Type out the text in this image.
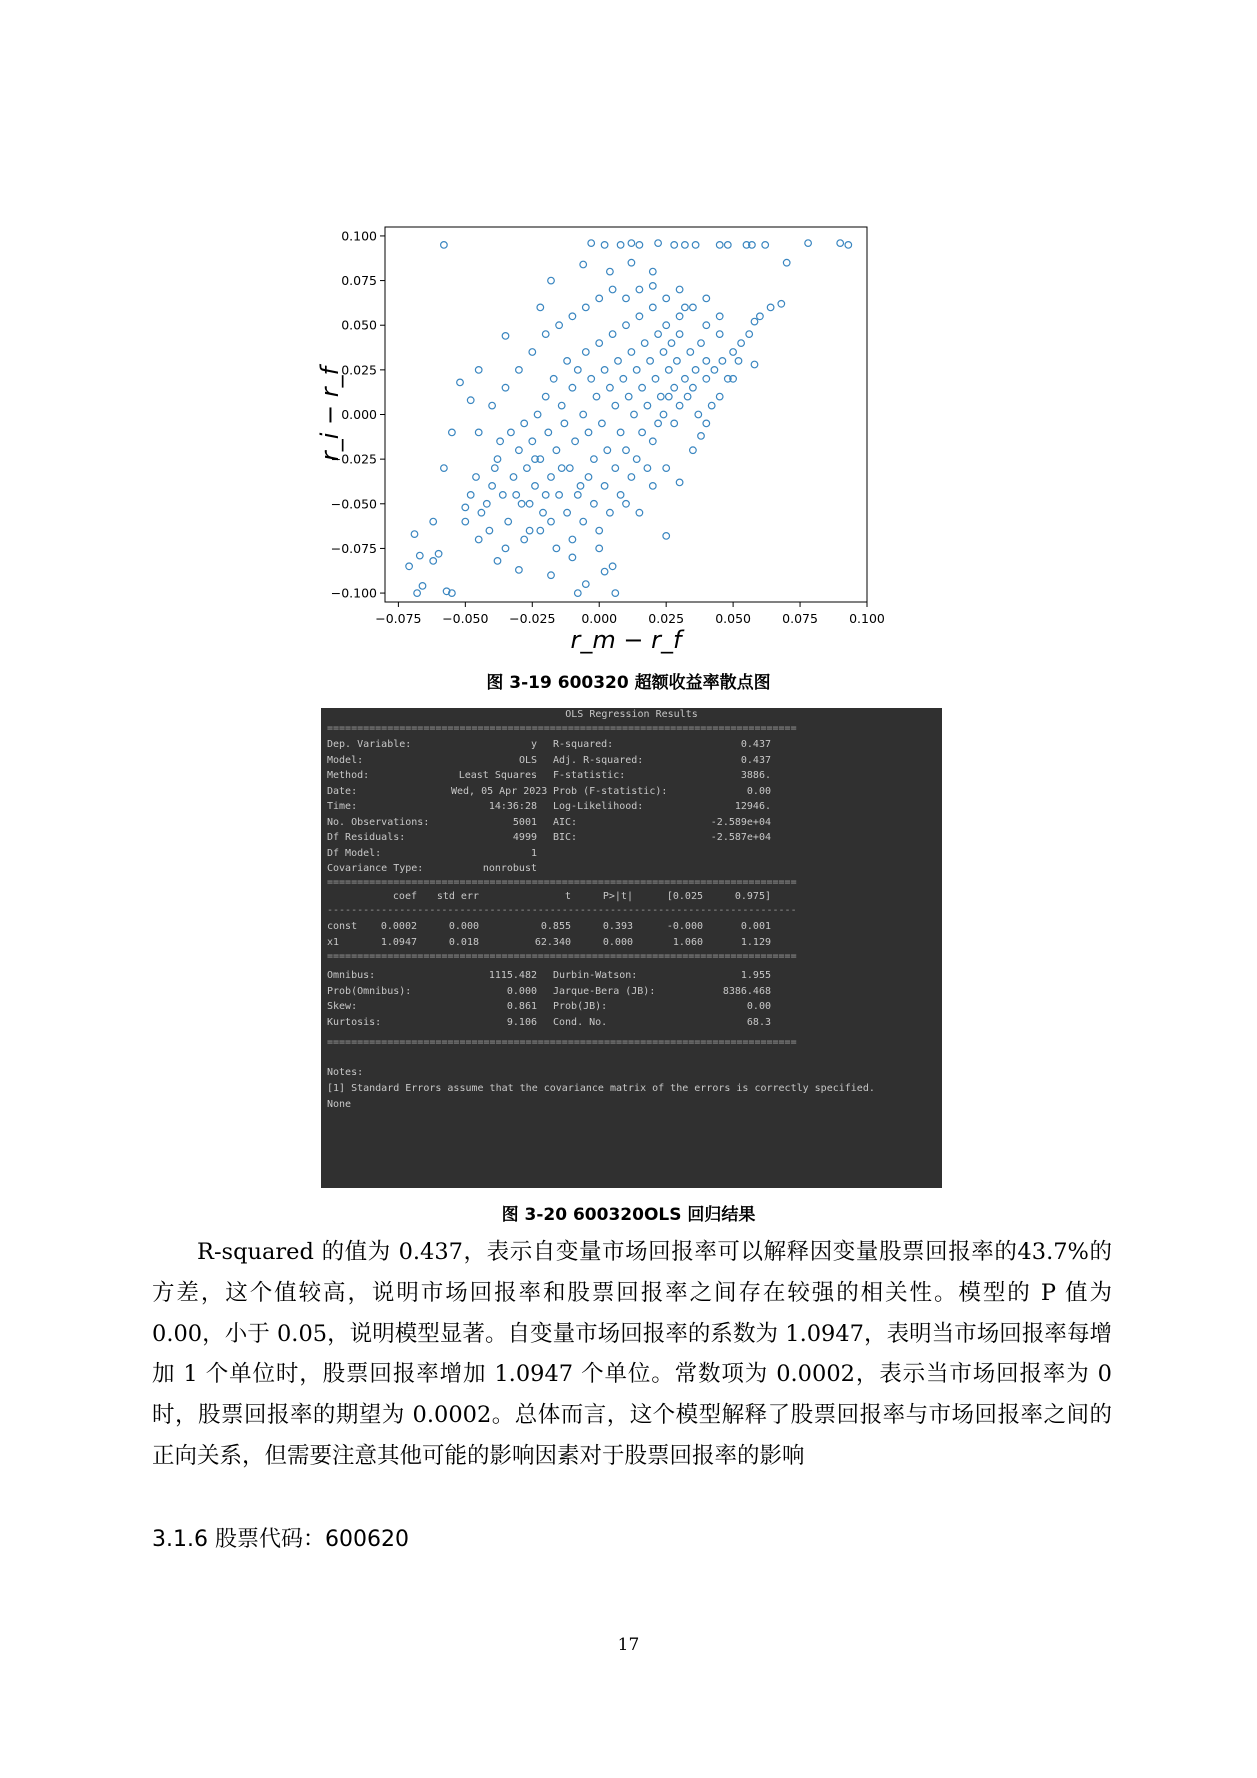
−0.075 −0.050 −0.025 0.000 0.025 0.050 0.075 0.100
0.100
0.075
0.050
0.025
0.000
−0.025
−0.050
−0.075
−0.100
r_m − r_f
r_i − r_f
图 3-19 600320 超额收益率散点图
OLS Regression Results
==============================================================================
Dep. Variable:	y R-squared:	0.437
Model:	OLS Adj. R-squared:	0.437
Method:	Least Squares F-statistic:	3886.
Date:	Wed, 05 Apr 2023 Prob (F-statistic):	0.00
Time:	14:36:28 Log-Likelihood:	12946.
No. Observations:	5001 AIC:	-2.589e+04
Df Residuals:	4999 BIC:	-2.587e+04
Df Model:	1
Covariance Type:	nonrobust
==============================================================================
coef	std err	t	P>|t|	[0.025	0.975]
------------------------------------------------------------------------------
const	0.0002	0.000	0.855	0.393	-0.000	0.001
x1	1.0947	0.018	62.340	0.000	1.060	1.129
==============================================================================
Omnibus:	1115.482 Durbin-Watson:	1.955
Prob(Omnibus):	0.000 Jarque-Bera (JB):	8386.468
Skew:	0.861 Prob(JB):	0.00
Kurtosis:	9.106 Cond. No.	68.3
==============================================================================
Notes:
[1] Standard Errors assume that the covariance matrix of the errors is correctly specified.
None
图 3-20 600320OLS 回归结果

R-squared 的值为 0.437，表示自变量市场回报率可以解释因变量股票回报率的43.7%的方差，这个值较高，说明市场回报率和股票回报率之间存在较强的相关性。模型的 P 值为 0.00，小于 0.05，说明模型显著。自变量市场回报率的系数为 1.0947，表明当市场回报率每增加 1 个单位时，股票回报率增加 1.0947 个单位。常数项为 0.0002，表示当市场回报率为 0 时，股票回报率的期望为 0.0002。总体而言，这个模型解释了股票回报率与市场回报率之间的正向关系，但需要注意其他可能的影响因素对于股票回报率的影响

3.1.6 股票代码：600620
17
